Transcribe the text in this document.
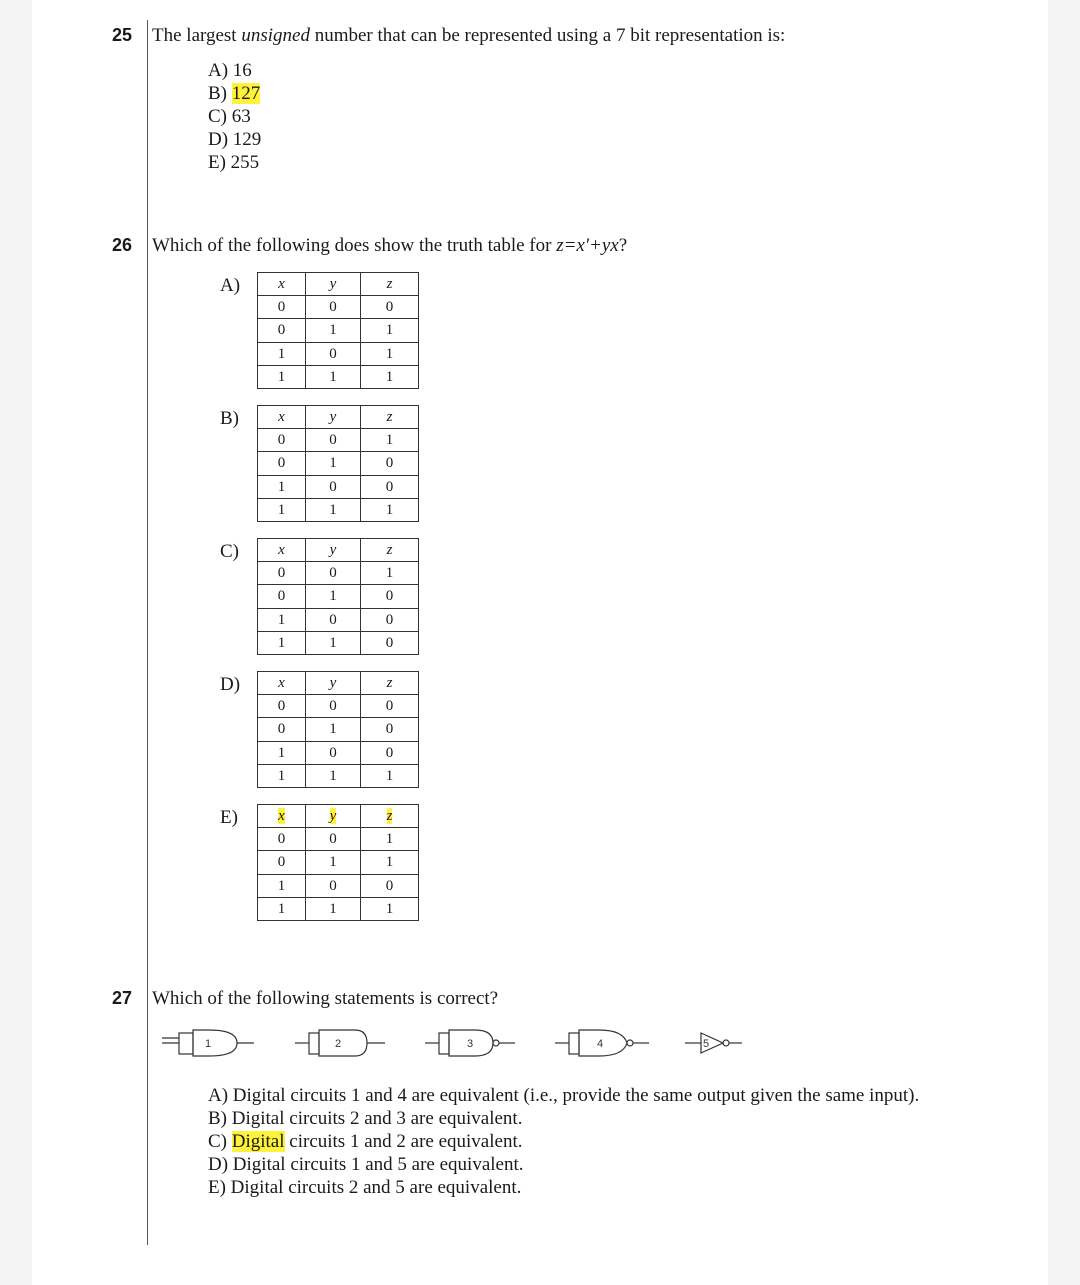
25 The largest unsigned number that can be represented using a 7 bit representation is:
A) 16
B) 127
C) 63
D) 129
E) 255
26 Which of the following does show the truth table for z=x′+yx?
A)	x	y	z
0	0	0
0	1	1
1	0	1
1	1	1
B)	x	y	z
0	0	1
0	1	0
1	0	0
1	1	1
C)	x	y	z
0	0	1
0	1	0
1	0	0
1	1	0
D)	x	y	z
0	0	0
0	1	0
1	0	0
1	1	1
E)	x	y	z
0	0	1
0	1	1
1	0	0
1	1	1
27 Which of the following statements is correct?
1	2	3	4	5
A) Digital circuits 1 and 4 are equivalent (i.e., provide the same output given the same input).
B) Digital circuits 2 and 3 are equivalent.
C) Digital circuits 1 and 2 are equivalent.
D) Digital circuits 1 and 5 are equivalent.
E) Digital circuits 2 and 5 are equivalent.
